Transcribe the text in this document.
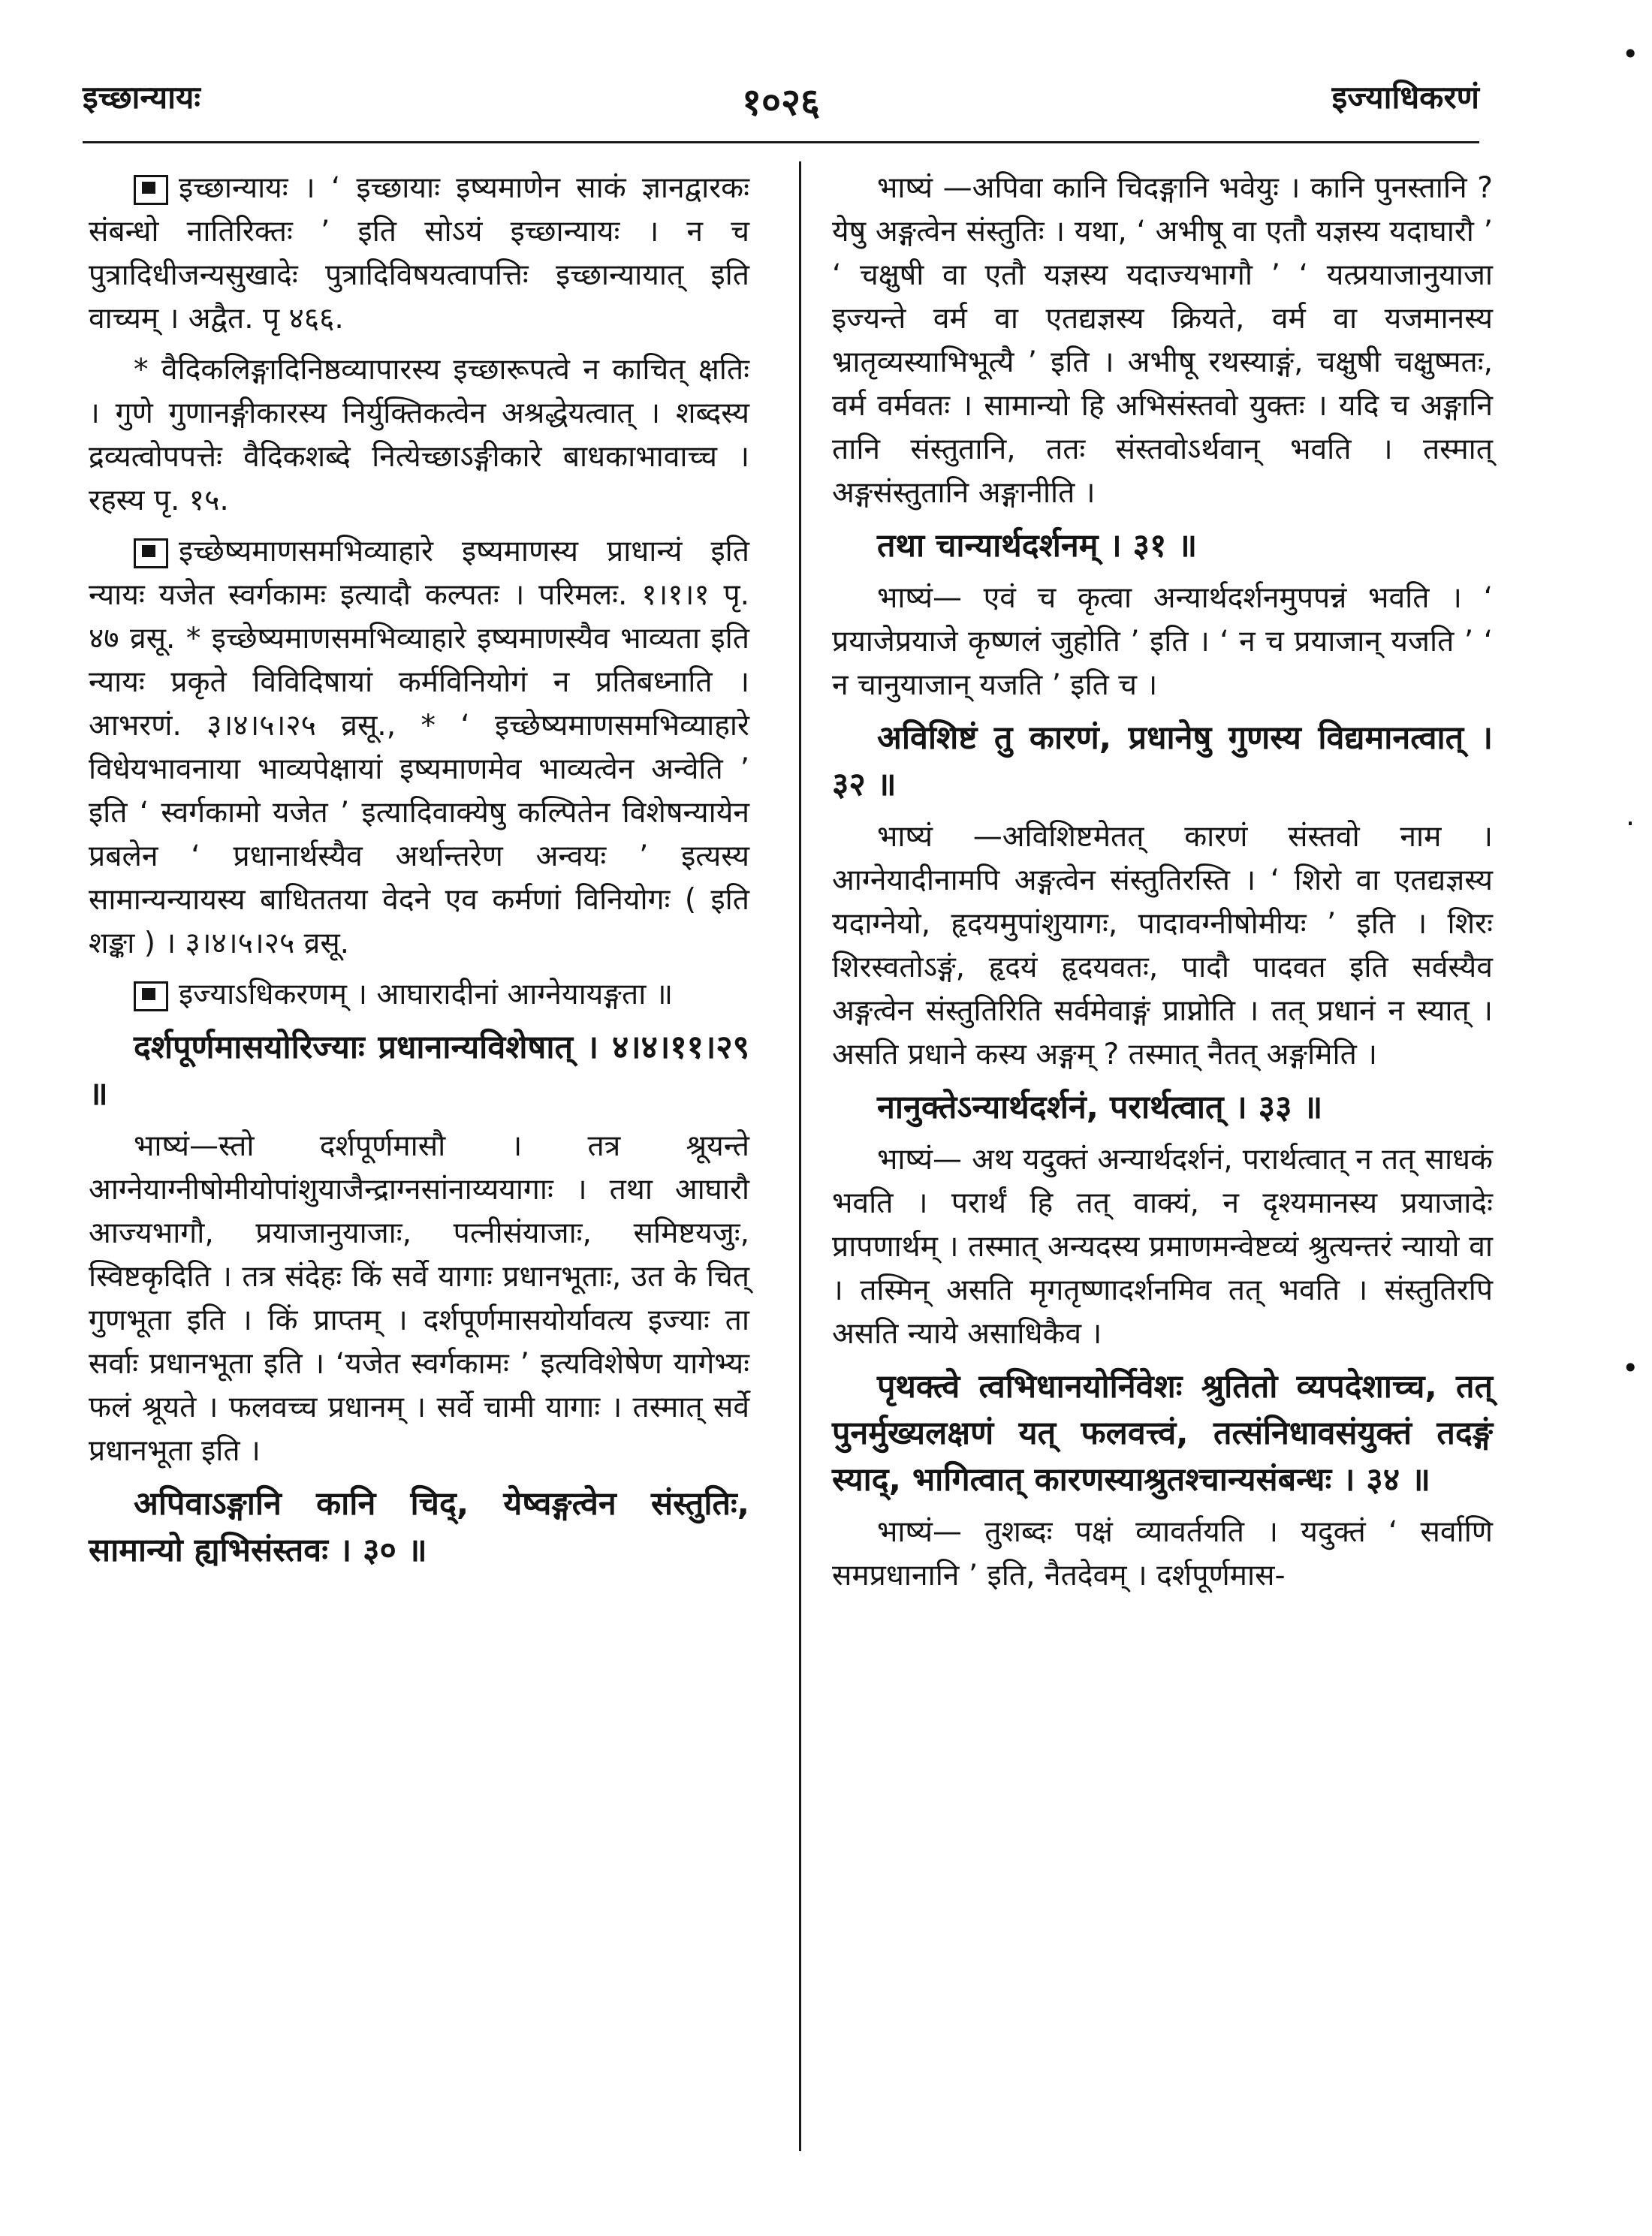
इच्छान्यायः	१०२६	इज्याधिकरणं

इच्छान्यायः । ‘ इच्छायाः इष्यमाणेन साकं ज्ञानद्वारकः संबन्धो नातिरिक्तः ’ इति सोऽयं इच्छान्यायः । न च पुत्रादिधीजन्यसुखादेः पुत्रादिविषयत्वापत्तिः इच्छान्यायात् इति वाच्यम् । अद्वैत. पृ ४६६.

* वैदिकलिङ्गादिनिष्ठव्यापारस्य इच्छारूपत्वे न काचित् क्षतिः । गुणे गुणानङ्गीकारस्य निर्युक्तिकत्वेन अश्रद्धेयत्वात् । शब्दस्य द्रव्यत्वोपपत्तेः वैदिकशब्दे नित्येच्छाऽङ्गीकारे बाधकाभावाच्च । रहस्य पृ. १५.

इच्छेष्यमाणसमभिव्याहारे इष्यमाणस्य प्राधान्यं इति न्यायः यजेत स्वर्गकामः इत्यादौ कल्पतः । परिमलः. १।१।१ पृ. ४७ व्रसू. * इच्छेष्यमाणसमभिव्याहारे इष्यमाणस्यैव भाव्यता इति न्यायः प्रकृते विविदिषायां कर्मविनियोगं न प्रतिबध्नाति । आभरणं. ३।४।५।२५ व्रसू., * ‘ इच्छेष्यमाणसमभिव्याहारे विधेयभावनाया भाव्यपेक्षायां इष्यमाणमेव भाव्यत्वेन अन्वेति ’ इति ‘ स्वर्गकामो यजेत ’ इत्यादिवाक्येषु कल्पितेन विशेषन्यायेन प्रबलेन ‘ प्रधानार्थस्यैव अर्थान्तरेण अन्वयः ’ इत्यस्य सामान्यन्यायस्य बाधिततया वेदने एव कर्मणां विनियोगः ( इति शङ्का ) । ३।४।५।२५ व्रसू.

इज्याऽधिकरणम् । आघारादीनां आग्नेयायङ्गता ॥

दर्शपूर्णमासयोरिज्याः प्रधानान्यविशेषात् । ४।४।११।२९ ॥

भाष्यं—स्तो दर्शपूर्णमासौ । तत्र श्रूयन्ते आग्नेयाग्नीषोमीयोपांशुयाजैन्द्राग्नसांनाय्ययागाः । तथा आघारौ आज्यभागौ, प्रयाजानुयाजाः, पत्नीसंयाजाः, समिष्टयजुः, स्विष्टकृदिति । तत्र संदेहः किं सर्वे यागाः प्रधानभूताः, उत के चित् गुणभूता इति । किं प्राप्तम् । दर्शपूर्णमासयोर्यावत्य इज्याः ता सर्वाः प्रधानभूता इति । ‘यजेत स्वर्गकामः ’ इत्यविशेषेण यागेभ्यः फलं श्रूयते । फलवच्च प्रधानम् । सर्वे चामी यागाः । तस्मात् सर्वे प्रधानभूता इति ।

अपिवाऽङ्गानि कानि चिद्, येष्वङ्गत्वेन संस्तुतिः, सामान्यो ह्यभिसंस्तवः । ३० ॥

भाष्यं —अपिवा कानि चिदङ्गानि भवेयुः । कानि पुनस्तानि ? येषु अङ्गत्वेन संस्तुतिः । यथा, ‘ अभीषू वा एतौ यज्ञस्य यदाघारौ ’ ‘ चक्षुषी वा एतौ यज्ञस्य यदाज्यभागौ ’ ‘ यत्प्रयाजानुयाजा इज्यन्ते वर्म वा एतद्यज्ञस्य क्रियते, वर्म वा यजमानस्य भ्रातृव्यस्याभिभूत्यै ’ इति । अभीषू रथस्याङ्गं, चक्षुषी चक्षुष्मतः, वर्म वर्मवतः । सामान्यो हि अभिसंस्तवो युक्तः । यदि च अङ्गानि तानि संस्तुतानि, ततः संस्तवोऽर्थवान् भवति । तस्मात् अङ्गसंस्तुतानि अङ्गानीति ।

तथा चान्यार्थदर्शनम् । ३१ ॥

भाष्यं— एवं च कृत्वा अन्यार्थदर्शनमुपपन्नं भवति । ‘ प्रयाजेप्रयाजे कृष्णलं जुहोति ’ इति । ‘ न च प्रयाजान् यजति ’ ‘ न चानुयाजान् यजति ’ इति च ।

अविशिष्टं तु कारणं, प्रधानेषु गुणस्य विद्यमानत्वात् । ३२ ॥

भाष्यं —अविशिष्टमेतत् कारणं संस्तवो नाम । आग्नेयादीनामपि अङ्गत्वेन संस्तुतिरस्ति । ‘ शिरो वा एतद्यज्ञस्य यदाग्नेयो, हृदयमुपांशुयागः, पादावग्नीषोमीयः ’ इति । शिरः शिरस्वतोऽङ्गं, हृदयं हृदयवतः, पादौ पादवत इति सर्वस्यैव अङ्गत्वेन संस्तुतिरिति सर्वमेवाङ्गं प्राप्नोति । तत् प्रधानं न स्यात् । असति प्रधाने कस्य अङ्गम् ? तस्मात् नैतत् अङ्गमिति ।

नानुक्तेऽन्यार्थदर्शनं, परार्थत्वात् । ३३ ॥

भाष्यं— अथ यदुक्तं अन्यार्थदर्शनं, परार्थत्वात् न तत् साधकं भवति । परार्थं हि तत् वाक्यं, न दृश्यमानस्य प्रयाजादेः प्रापणार्थम् । तस्मात् अन्यदस्य प्रमाणमन्वेष्टव्यं श्रुत्यन्तरं न्यायो वा । तस्मिन् असति मृगतृष्णादर्शनमिव तत् भवति । संस्तुतिरपि असति न्याये असाधिकैव ।

पृथक्त्वे त्वभिधानयोर्निवेशः श्रुतितो व्यपदेशाच्च, तत् पुनर्मुख्यलक्षणं यत् फलवत्त्वं, तत्संनिधावसंयुक्तं तदङ्गं स्याद्, भागित्वात् कारणस्याश्रुतश्चान्यसंबन्धः । ३४ ॥

भाष्यं— तुशब्दः पक्षं व्यावर्तयति । यदुक्तं ‘ सर्वाणि समप्रधानानि ’ इति, नैतदेवम् । दर्शपूर्णमास-

•
·
•
